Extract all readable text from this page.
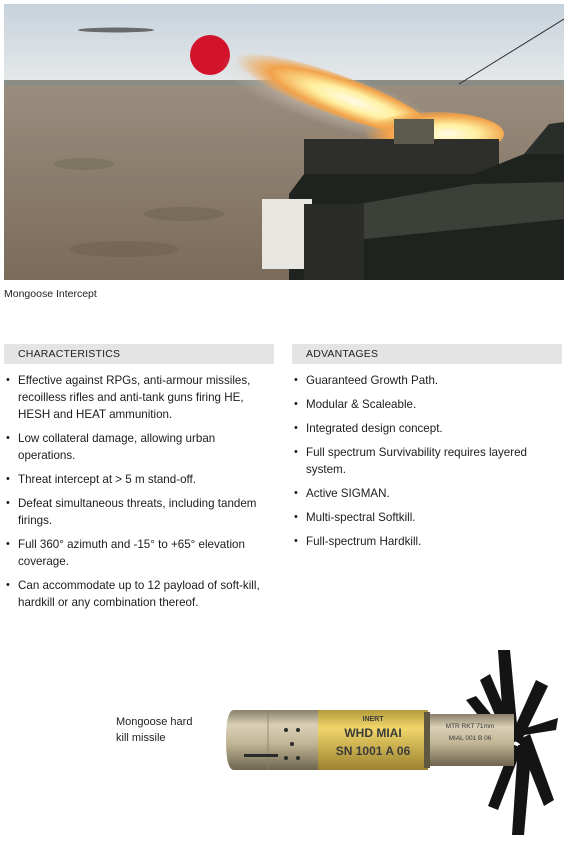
Mongoose Intercept
CHARACTERISTICS
• Effective against RPGs, anti-armour missiles, recoilless rifles and anti-tank guns firing HE, HESH and HEAT ammunition.
• Low collateral damage, allowing urban operations.
• Threat intercept at > 5 m stand-off.
• Defeat simultaneous threats, including tandem firings.
• Full 360° azimuth and -15° to +65° elevation coverage.
• Can accommodate up to 12 payload of soft-kill, hardkill or any combination thereof.
ADVANTAGES
• Guaranteed Growth Path.
• Modular & Scaleable.
• Integrated design concept.
• Full spectrum Survivability requires layered system.
• Active SIGMAN.
• Multi-spectral Softkill.
• Full-spectrum Hardkill.
Mongoose hard
kill missile
INERT
WHD MIAI
SN 1001 A 06
MTR RKT 71mm
MIAL 001 B 06
